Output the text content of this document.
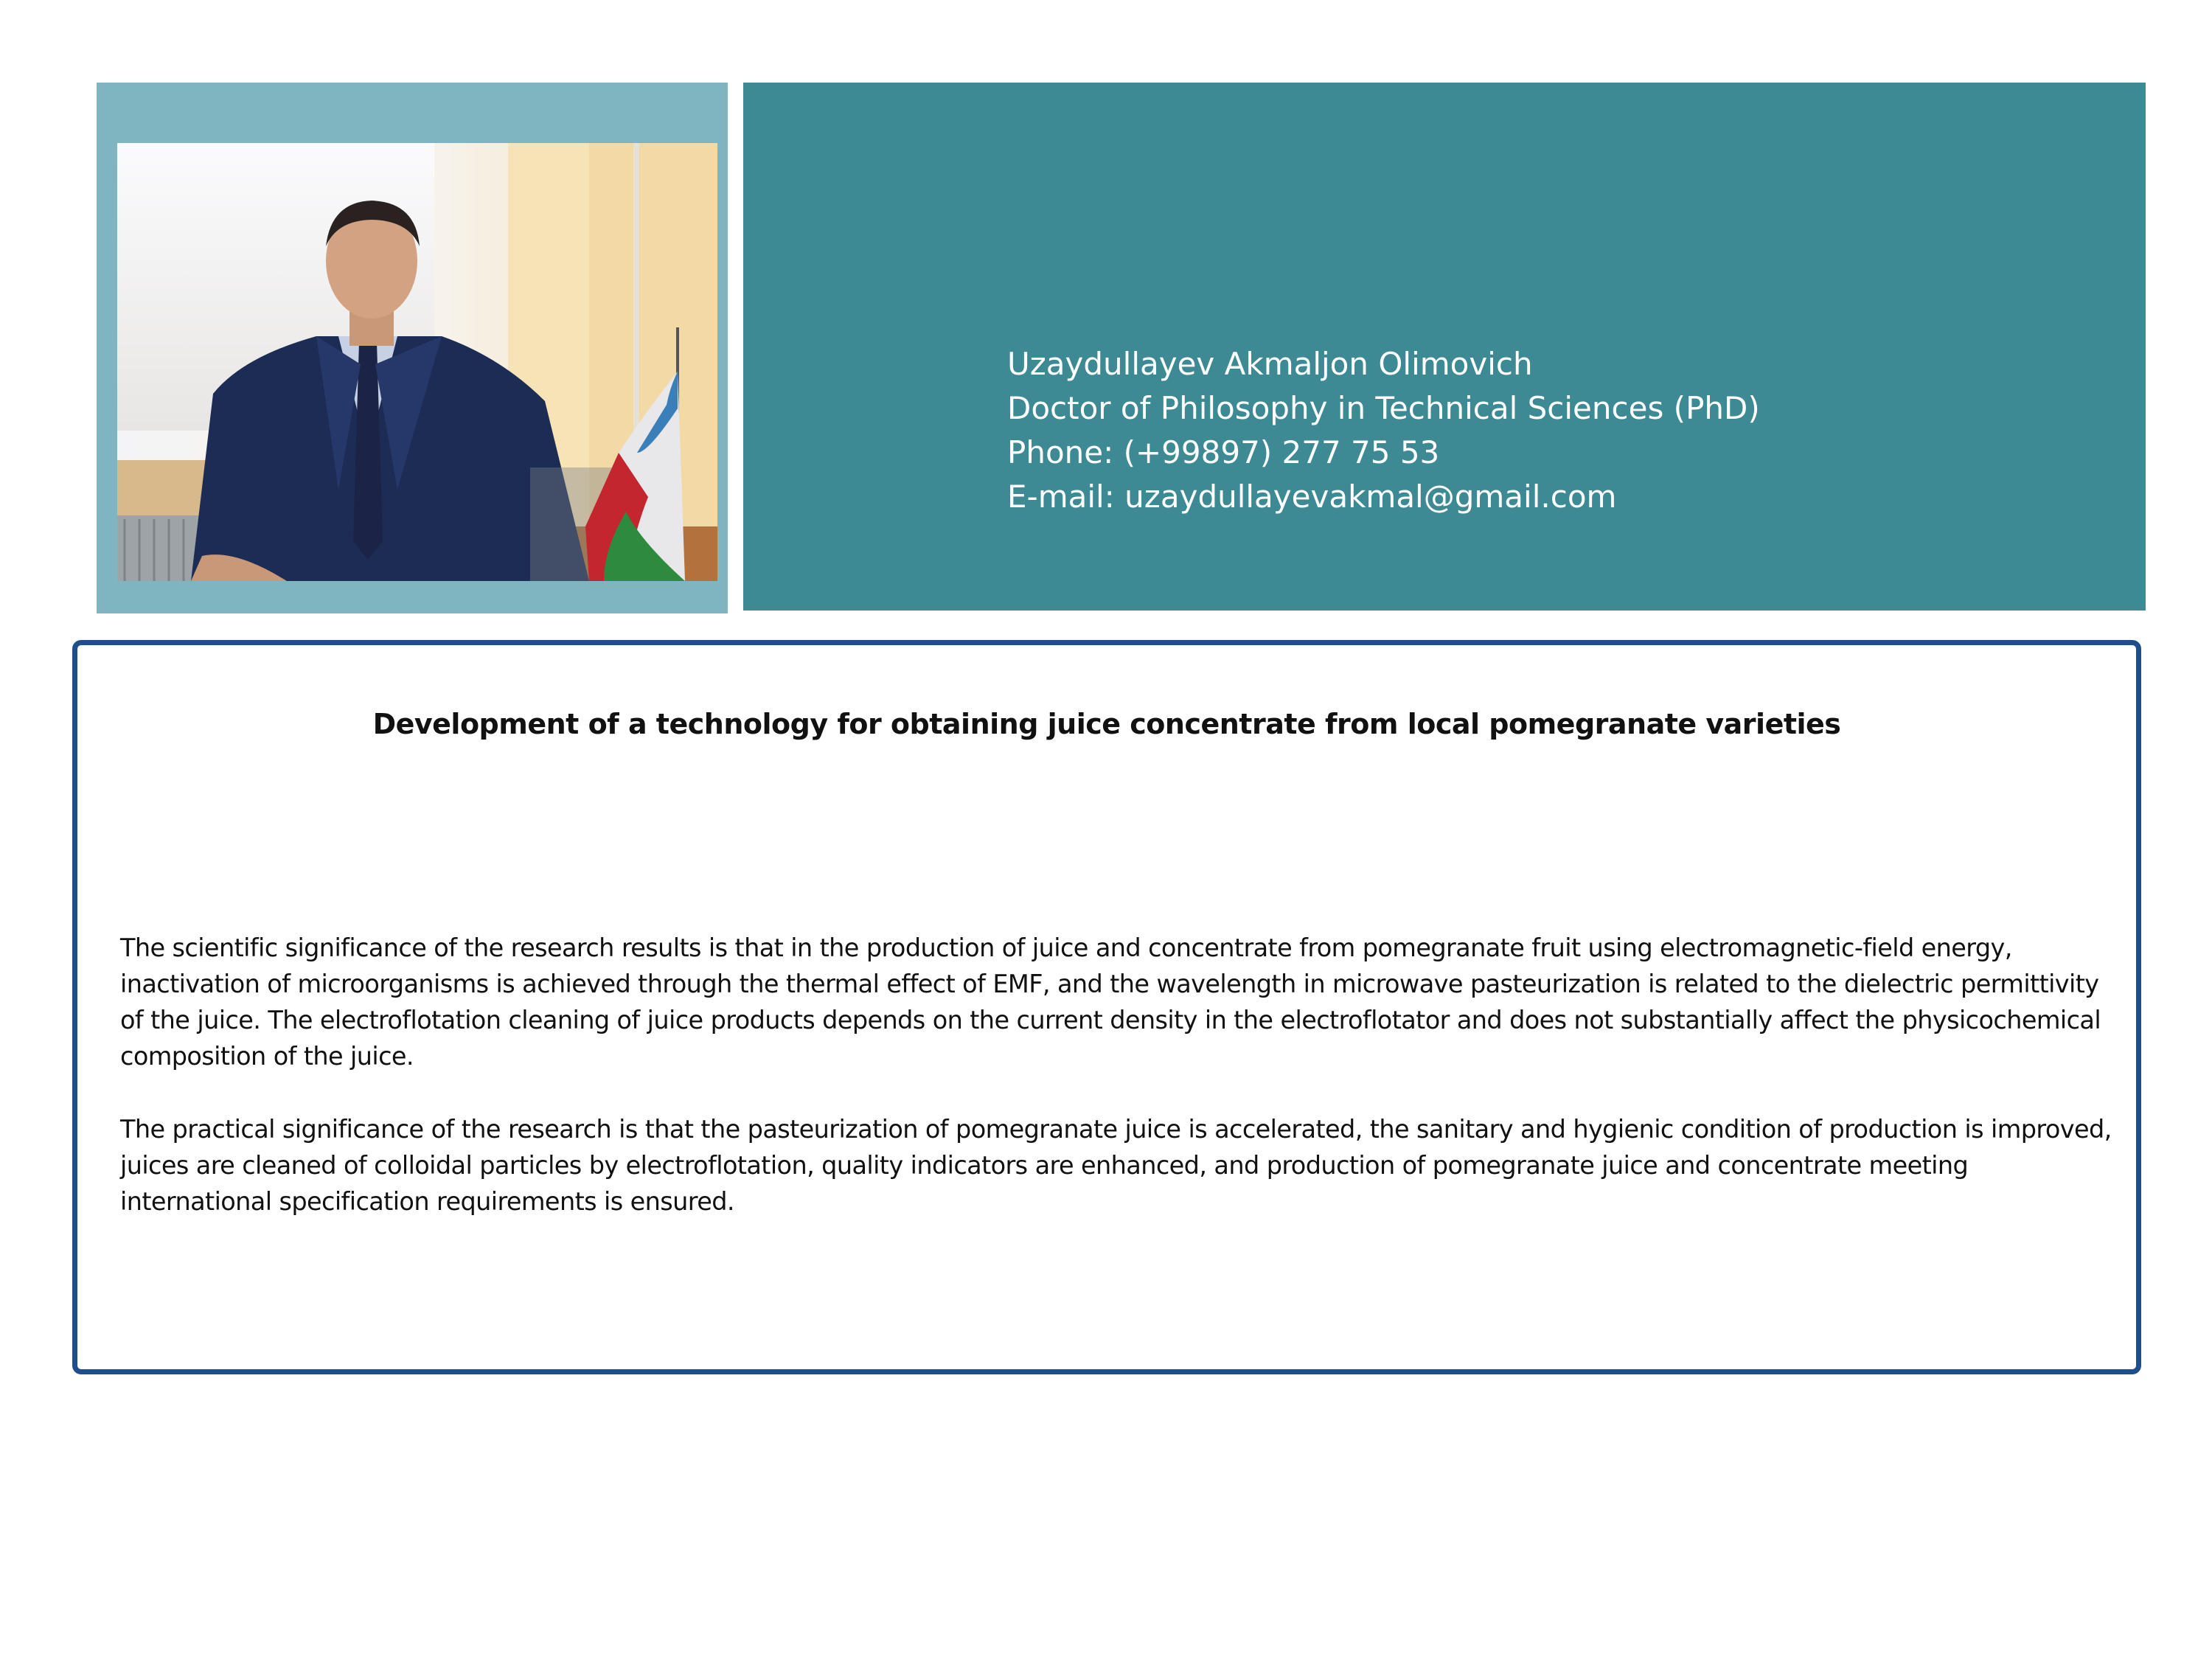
Uzaydullayev Akmaljon Olimovich
Doctor of Philosophy in Technical Sciences (PhD)
Phone: (+99897) 277 75 53
E-mail: uzaydullayevakmal@gmail.com
Development of a technology for obtaining juice concentrate from local pomegranate varieties
The scientific significance of the research results is that in the production of juice and concentrate from pomegranate fruit using electromagnetic-field energy, inactivation of microorganisms is achieved through the thermal effect of EMF, and the wavelength in microwave pasteurization is related to the dielectric permittivity of the juice. The electroflotation cleaning of juice products depends on the current density in the electroflotator and does not substantially affect the physicochemical composition of the juice.
The practical significance of the research is that the pasteurization of pomegranate juice is accelerated, the sanitary and hygienic condition of production is improved, juices are cleaned of colloidal particles by electroflotation, quality indicators are enhanced, and production of pomegranate juice and concentrate meeting international specification requirements is ensured.
